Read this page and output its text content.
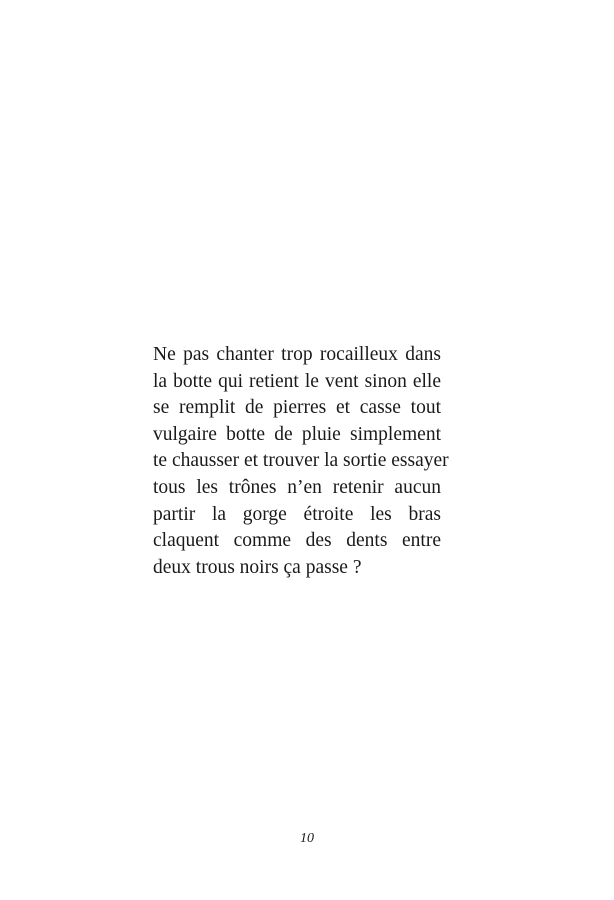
Ne pas chanter trop rocailleux dans
la botte qui retient le vent sinon elle
se remplit de pierres et casse tout
vulgaire botte de pluie simplement
te chausser et trouver la sortie essayer
tous les trônes n’en retenir aucun
partir la gorge étroite les bras
claquent comme des dents entre
deux trous noirs ça passe ?
10
